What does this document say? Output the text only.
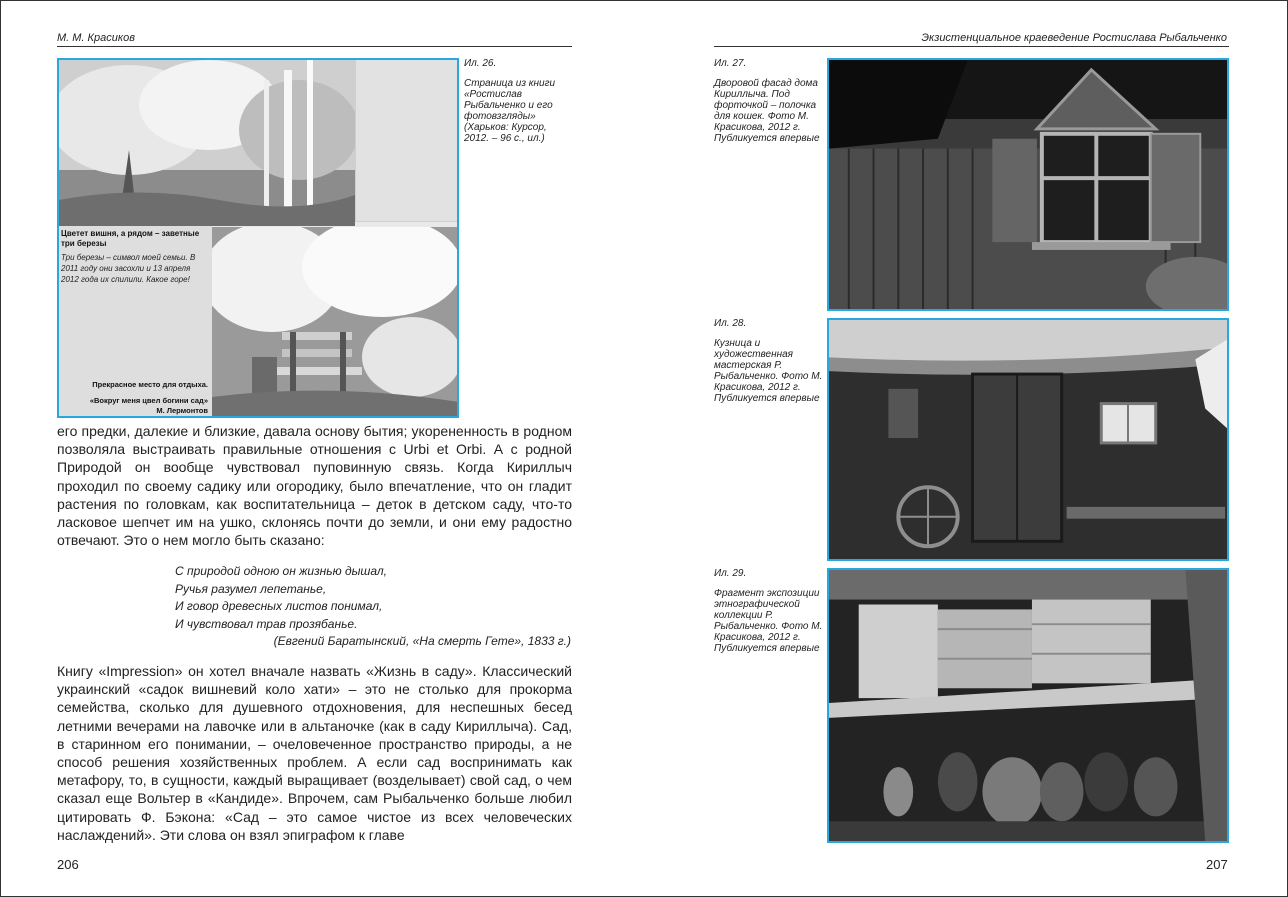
М. М. Красиков
Цветет вишня, а рядом – заветные три березы
Три березы – символ моей семьи. В 2011 году они засохли и 13 апреля 2012 года их спилили. Какое горе!
Прекрасное место для отдыха.
«Вокруг меня цвел богини сад»
М. Лермонтов
Ил. 26.
Страница из книги «Ростислав Рыбальченко и его фотовзгляды» (Харьков: Курсор, 2012. – 96 с., ил.)
его предки, далекие и близкие, давала основу бытия; укорененность в родном позволяла выстраивать правильные отношения с Urbi et Orbi. А с родной Природой он вообще чувствовал пуповинную связь. Когда Кириллыч проходил по своему садику или огородику, было впечатление, что он гладит растения по головкам, как воспитательница – деток в детском саду, что-то ласковое шепчет им на ушко, склонясь почти до земли, и они ему радостно отвечают. Это о нем могло быть сказано:
С природой одною он жизнью дышал,
Ручья разумел лепетанье,
И говор древесных листов понимал,
И чувствовал трав прозябанье.
(Евгений Баратынский, «На смерть Гете», 1833 г.)
Книгу «Impression» он хотел вначале назвать «Жизнь в саду». Классический украинский «садок вишневий коло хати» – это не столько для прокорма семейства, сколько для душевного отдохновения, для неспешных бесед летними вечерами на лавочке или в альтаночке (как в саду Кириллыча). Сад, в старинном его понимании, – очеловеченное пространство природы, а не способ решения хозяйственных проблем. А если сад воспринимать как метафору, то, в сущности, каждый выращивает (возделывает) свой сад, о чем сказал еще Вольтер в «Кандиде». Впрочем, сам Рыбальченко больше любил цитировать Ф. Бэкона: «Сад – это самое чистое из всех человеческих наслаждений». Эти слова он взял эпиграфом к главе
206
Экзистенциальное краеведение Ростислава Рыбальченко
Ил. 27.
Дворовой фасад дома Кириллыча. Под форточкой – полочка для кошек. Фото М. Красикова, 2012 г. Публикуется впервые
Ил. 28.
Кузница и художественная мастерская Р. Рыбальченко. Фото М. Красикова, 2012 г. Публикуется впервые
Ил. 29.
Фрагмент экспозиции этнографической коллекции Р. Рыбальченко. Фото М. Красикова, 2012 г. Публикуется впервые
207
